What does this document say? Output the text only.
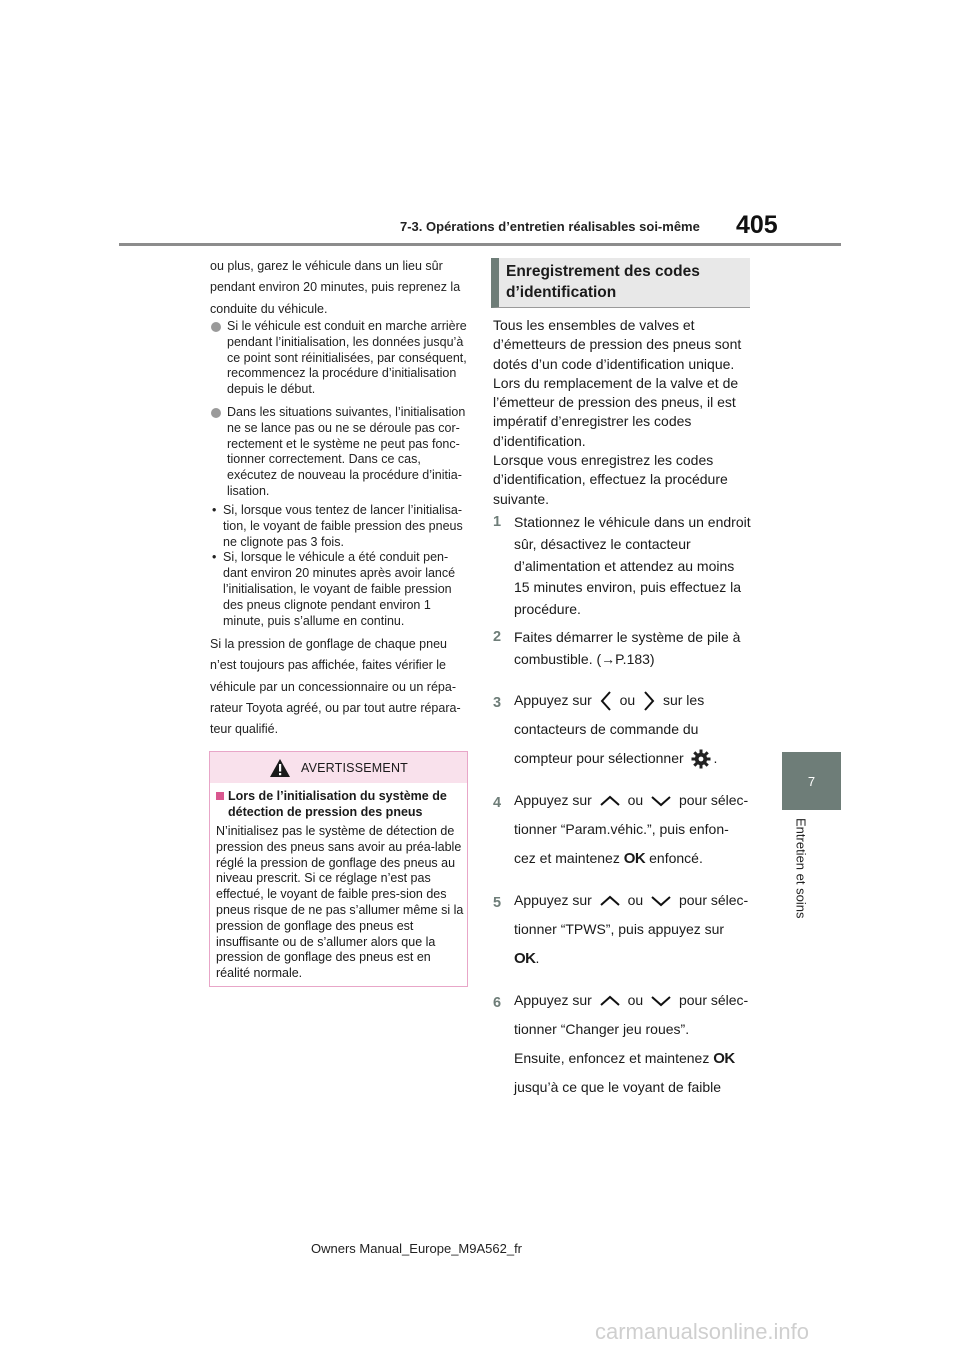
7-3. Opérations d’entretien réalisables soi-même 405
7
Entretien et soins
ou plus, garez le véhicule dans un lieu sûr pendant environ 20 minutes, puis reprenez la conduite du véhicule.
Si le véhicule est conduit en marche arrière pendant l’initialisation, les données jusqu’à ce point sont réinitialisées, par conséquent, recommencez la procédure d’initialisation depuis le début.
Dans les situations suivantes, l’initialisation ne se lance pas ou ne se déroule pas cor-rectement et le système ne peut pas fonc-tionner correctement. Dans ce cas, exécutez de nouveau la procédure d’initia-lisation.
• Si, lorsque vous tentez de lancer l’initialisa-tion, le voyant de faible pression des pneus ne clignote pas 3 fois.
• Si, lorsque le véhicule a été conduit pen-dant environ 20 minutes après avoir lancé l’initialisation, le voyant de faible pression des pneus clignote pendant environ 1 minute, puis s’allume en continu.
Si la pression de gonflage de chaque pneu n’est toujours pas affichée, faites vérifier le véhicule par un concessionnaire ou un répa-rateur Toyota agréé, ou par tout autre répara-teur qualifié.
AVERTISSEMENT
Lors de l’initialisation du système de détection de pression des pneus
N’initialisez pas le système de détection de pression des pneus sans avoir au préa-lable réglé la pression de gonflage des pneus au niveau prescrit. Si ce réglage n’est pas effectué, le voyant de faible pres-sion des pneus risque de ne pas s’allumer même si la pression de gonflage des pneus est insuffisante ou de s’allumer alors que la pression de gonflage des pneus est en réalité normale.
Enregistrement des codes d’identification
Tous les ensembles de valves et d’émetteurs de pression des pneus sont dotés d’un code d’identification unique. Lors du remplacement de la valve et de l’émetteur de pression des pneus, il est impératif d’enregistrer les codes d’identification.
Lorsque vous enregistrez les codes d’identification, effectuez la procédure suivante.
1 Stationnez le véhicule dans un endroit sûr, désactivez le contacteur d’alimentation et attendez au moins 15 minutes environ, puis effectuez la procédure.
2 Faites démarrer le système de pile à combustible. (→P.183)
3 Appuyez sur ou sur les
contacteurs de commande du
compteur pour sélectionner .
4 Appuyez sur	ou	pour sélec-
tionner “Param.véhic.”, puis enfon-
cez et maintenez OK enfoncé.
5 Appuyez sur	ou	pour sélec-
tionner “TPWS”, puis appuyez sur
OK.
6 Appuyez sur	ou	pour sélec-
tionner “Changer jeu roues”.
Ensuite, enfoncez et maintenez OK
jusqu’à ce que le voyant de faible
Owners Manual_Europe_M9A562_fr
carmanualsonline.info
